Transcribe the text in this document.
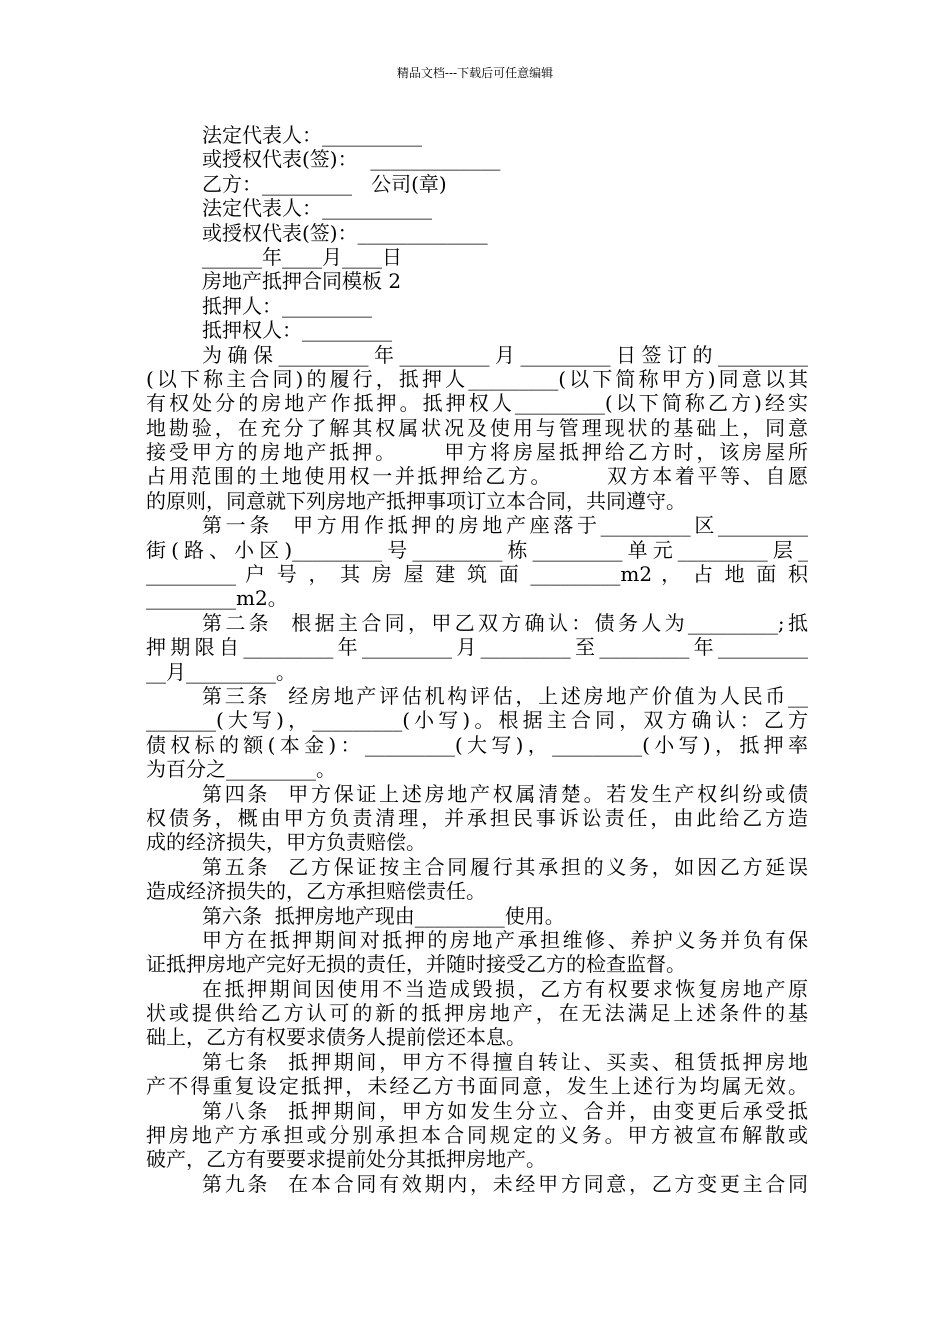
精品文档---下载后可任意编辑
法定代表人：__________
或授权代表(签)：  _____________
乙方：_________   公司(章)
法定代表人：___________
或授权代表(签)：_____________
______年____月____日
房地产抵押合同模板 2
抵押人：_________
抵押权人：_________
为确保_________年_________月_________日签订的_________
(以下称主合同)的履行，抵押人_________(以下简称甲方)同意以其
有权处分的房地产作抵押。抵押权人_________(以下简称乙方)经实
地勘验，在充分了解其权属状况及使用与管理现状的基础上，同意
接受甲方的房地产抵押。     甲方将房屋抵押给乙方时，该房屋所
占用范围的土地使用权一并抵押给乙方。      双方本着平等、自愿
的原则，同意就下列房地产抵押事项订立本合同，共同遵守。
第一条  甲方用作抵押的房地产座落于_________区_________
街(路、小区)_________号_________栋_________单元_________层_
_________ 户 号 ， 其 房 屋 建 筑 面 _________m2 ， 占 地 面 积
_________m2。
第二条  根据主合同，甲乙双方确认：债务人为_________;抵
押期限自_________年_________月_________至_________年_________
__月_________。
第三条  经房地产评估机构评估，上述房地产价值为人民币__
_______(大写)，_________(小写)。根据主合同，双方确认：乙方
债权标的额(本金)：_________(大写)，_________(小写)，抵押率
为百分之_________。
第四条  甲方保证上述房地产权属清楚。若发生产权纠纷或债
权债务，概由甲方负责清理，并承担民事诉讼责任，由此给乙方造
成的经济损失，甲方负责赔偿。
第五条  乙方保证按主合同履行其承担的义务，如因乙方延误
造成经济损失的，乙方承担赔偿责任。
第六条  抵押房地产现由_________使用。
甲方在抵押期间对抵押的房地产承担维修、养护义务并负有保
证抵押房地产完好无损的责任，并随时接受乙方的检查监督。
在抵押期间因使用不当造成毁损，乙方有权要求恢复房地产原
状或提供给乙方认可的新的抵押房地产，在无法满足上述条件的基
础上，乙方有权要求债务人提前偿还本息。
第七条  抵押期间，甲方不得擅自转让、买卖、租赁抵押房地
产不得重复设定抵押，未经乙方书面同意，发生上述行为均属无效。
第八条  抵押期间，甲方如发生分立、合并，由变更后承受抵
押房地产方承担或分别承担本合同规定的义务。甲方被宣布解散或
破产，乙方有要要求提前处分其抵押房地产。
第九条  在本合同有效期内，未经甲方同意，乙方变更主合同
